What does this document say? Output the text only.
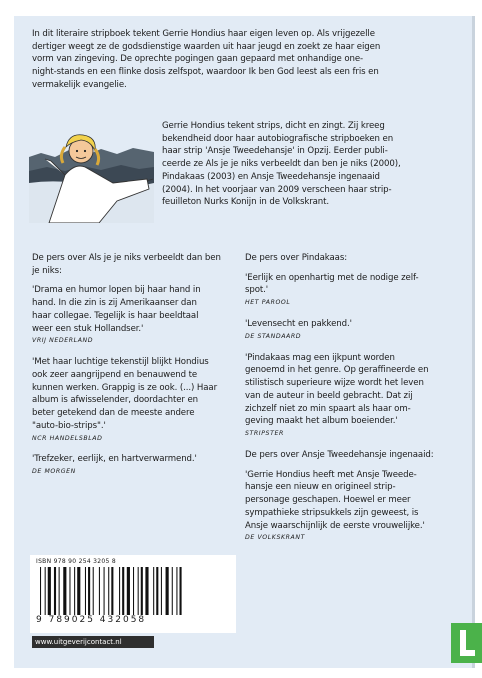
In dit literaire stripboek tekent Gerrie Hondius haar eigen leven op. Als vrijgezelle
dertiger weegt ze de godsdienstige waarden uit haar jeugd en zoekt ze haar eigen
vorm van zingeving. De oprechte pogingen gaan gepaard met onhandige one-
night-stands en een flinke dosis zelfspot, waardoor Ik ben God leest als een fris en
vermakelijk evangelie.
Gerrie Hondius tekent strips, dicht en zingt. Zij kreeg
bekendheid door haar autobiografische stripboeken en
haar strip 'Ansje Tweedehansje' in Opzij. Eerder publi-
ceerde ze Als je je niks verbeeldt dan ben je niks (2000),
Pindakaas (2003) en Ansje Tweedehansje ingenaaid
(2004). In het voorjaar van 2009 verscheen haar strip-
feuilleton Nurks Konijn in de Volkskrant.
De pers over Als je je niks verbeeldt dan ben
je niks:
'Drama en humor lopen bij haar hand in
hand. In die zin is zij Amerikaanser dan
haar collegae. Tegelijk is haar beeldtaal
weer een stuk Hollandser.'
VRIJ NEDERLAND
'Met haar luchtige tekenstijl blijkt Hondius
ook zeer aangrijpend en benauwend te
kunnen werken. Grappig is ze ook. (...) Haar
album is afwisselender, doordachter en
beter getekend dan de meeste andere
"auto-bio-strips".'
NCR HANDELSBLAD
'Trefzeker, eerlijk, en hartverwarmend.'
DE MORGEN
De pers over Pindakaas:
'Eerlijk en openhartig met de nodige zelf-
spot.'
HET PAROOL
'Levensecht en pakkend.'
DE STANDAARD
'Pindakaas mag een ijkpunt worden
genoemd in het genre. Op geraffineerde en
stilistisch superieure wijze wordt het leven
van de auteur in beeld gebracht. Dat zij
zichzelf niet zo min spaart als haar om-
geving maakt het album boeiender.'
STRIPSTER
De pers over Ansje Tweedehansje ingenaaid:
'Gerrie Hondius heeft met Ansje Tweede-
hansje een nieuw en origineel strip-
personage geschapen. Hoewel er meer
sympathieke stripsukkels zijn geweest, is
Ansje waarschijnlijk de eerste vrouwelijke.'
DE VOLKSKRANT
ISBN 978 90 254 3205 8
9 789025 432058
www.uitgeverijcontact.nl
